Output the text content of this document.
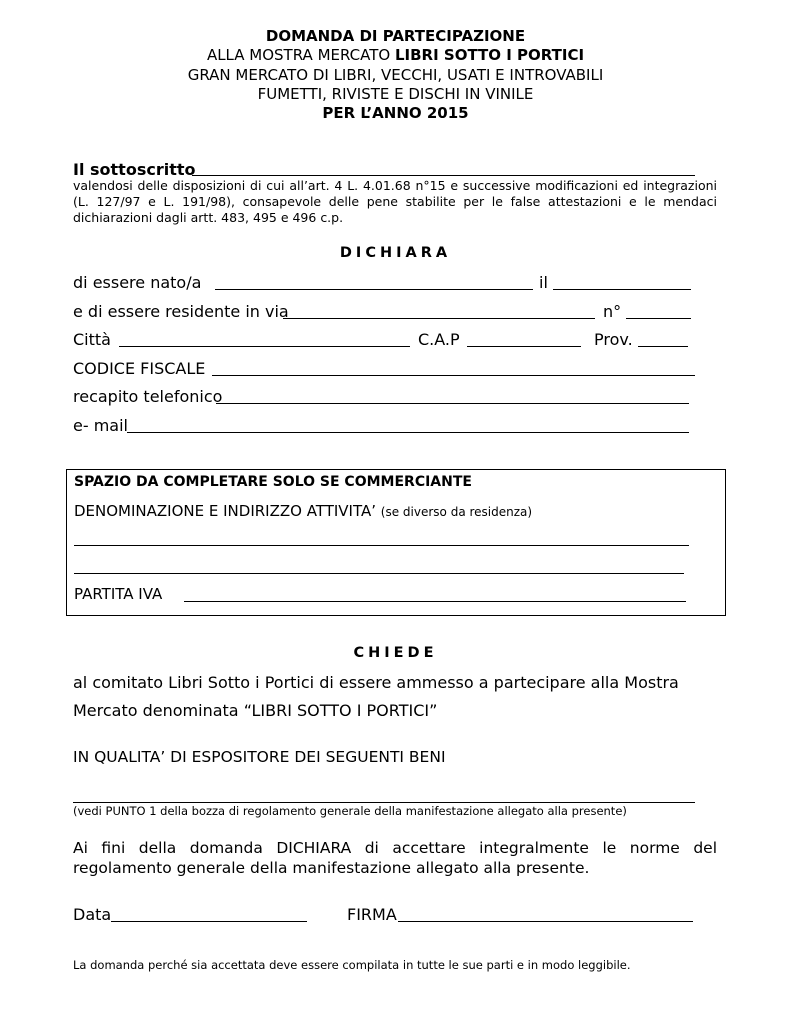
DOMANDA DI PARTECIPAZIONE
ALLA MOSTRA MERCATO LIBRI SOTTO I PORTICI
GRAN MERCATO DI LIBRI, VECCHI, USATI E INTROVABILI
FUMETTI, RIVISTE E DISCHI IN VINILE
PER L’ANNO 2015
Il sottoscritto
valendosi delle disposizioni di cui all’art. 4 L. 4.01.68 n°15 e successive modificazioni ed integrazioni (L. 127/97 e L. 191/98), consapevole delle pene stabilite per le false attestazioni e le mendaci dichiarazioni dagli artt. 483, 495 e 496 c.p.
DICHIARA
di essere nato/a	il
e di essere residente in via	n°
Città	C.A.P	Prov.
CODICE FISCALE
recapito telefonico
e- mail
SPAZIO DA COMPLETARE SOLO SE COMMERCIANTE
DENOMINAZIONE E INDIRIZZO ATTIVITA’ (se diverso da residenza)
PARTITA IVA
CHIEDE
al comitato Libri Sotto i Portici di essere ammesso a partecipare alla Mostra
Mercato denominata “LIBRI SOTTO I PORTICI”
IN QUALITA’ DI ESPOSITORE DEI SEGUENTI BENI
(vedi PUNTO 1 della bozza di regolamento generale della manifestazione allegato alla presente)
Ai fini della domanda DICHIARA di accettare integralmente le norme del regolamento generale della manifestazione allegato alla presente.
Data	FIRMA
La domanda perché sia accettata deve essere compilata in tutte le sue parti e in modo leggibile.
